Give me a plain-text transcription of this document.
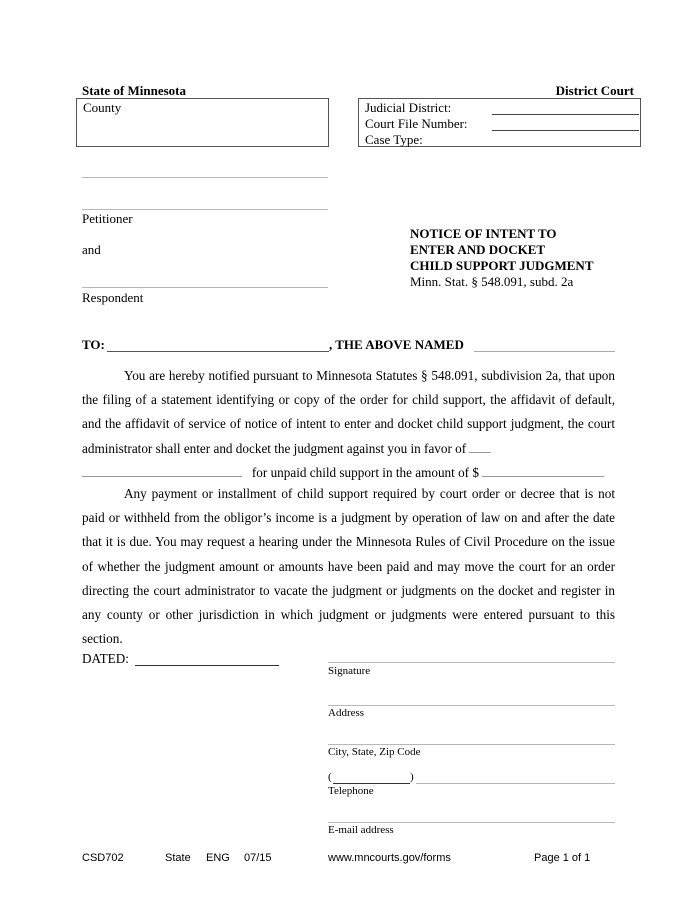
State of Minnesota	District Court
County	Judicial District:
Court File Number:
Case Type:
Petitioner
and
Respondent
NOTICE OF INTENT TO
ENTER AND DOCKET
CHILD SUPPORT JUDGMENT
Minn. Stat. § 548.091, subd. 2a
TO:	, THE ABOVE NAMED
You are hereby notified pursuant to Minnesota Statutes § 548.091, subdivision 2a, that upon the filing of a statement identifying or copy of the order for child support, the affidavit of default, and the affidavit of service of notice of intent to enter and docket child support judgment, the court administrator shall enter and docket the judgment against you in favor of
for unpaid child support in the amount of $
Any payment or installment of child support required by court order or decree that is not paid or withheld from the obligor’s income is a judgment by operation of law on and after the date that it is due. You may request a hearing under the Minnesota Rules of Civil Procedure on the issue of whether the judgment amount or amounts have been paid and may move the court for an order directing the court administrator to vacate the judgment or judgments on the docket and register in any county or other jurisdiction in which judgment or judgments were entered pursuant to this section.
DATED:
Signature
Address
City, State, Zip Code
(	)
Telephone
E-mail address
CSD702	State ENG 07/15	www.mncourts.gov/forms	Page 1 of 1
